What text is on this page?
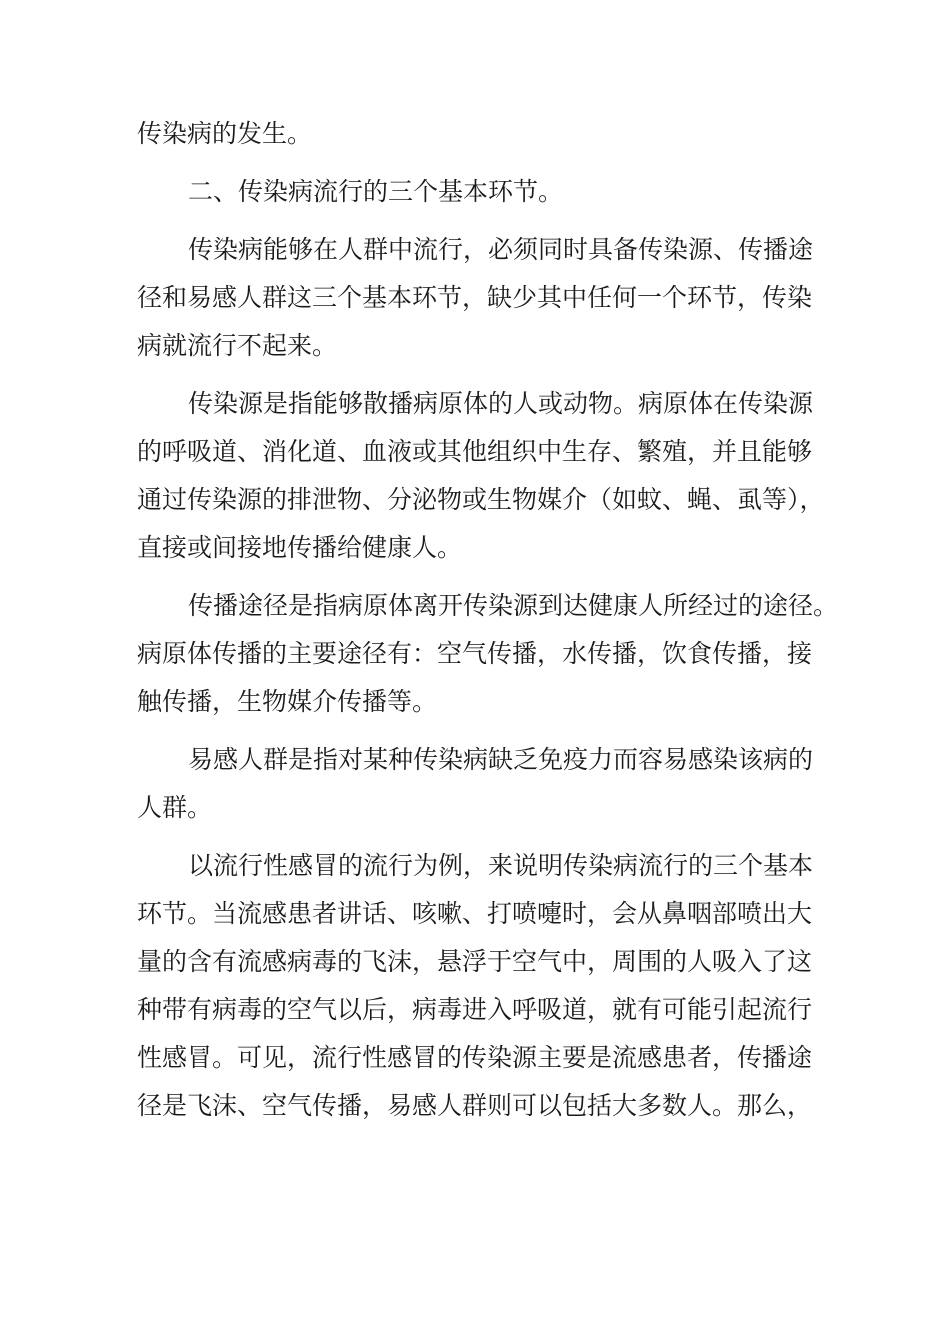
传染病的发生。
二、传染病流行的三个基本环节。
传染病能够在人群中流行，必须同时具备传染源、传播途
径和易感人群这三个基本环节，缺少其中任何一个环节，传染
病就流行不起来。
传染源是指能够散播病原体的人或动物。病原体在传染源
的呼吸道、消化道、血液或其他组织中生存、繁殖，并且能够
通过传染源的排泄物、分泌物或生物媒介（如蚊、蝇、虱等），
直接或间接地传播给健康人。
传播途径是指病原体离开传染源到达健康人所经过的途径。
病原体传播的主要途径有：空气传播，水传播，饮食传播，接
触传播，生物媒介传播等。
易感人群是指对某种传染病缺乏免疫力而容易感染该病的
人群。
以流行性感冒的流行为例，来说明传染病流行的三个基本
环节。当流感患者讲话、咳嗽、打喷嚏时，会从鼻咽部喷出大
量的含有流感病毒的飞沫，悬浮于空气中，周围的人吸入了这
种带有病毒的空气以后，病毒进入呼吸道，就有可能引起流行
性感冒。可见，流行性感冒的传染源主要是流感患者，传播途
径是飞沫、空气传播，易感人群则可以包括大多数人。那么，
